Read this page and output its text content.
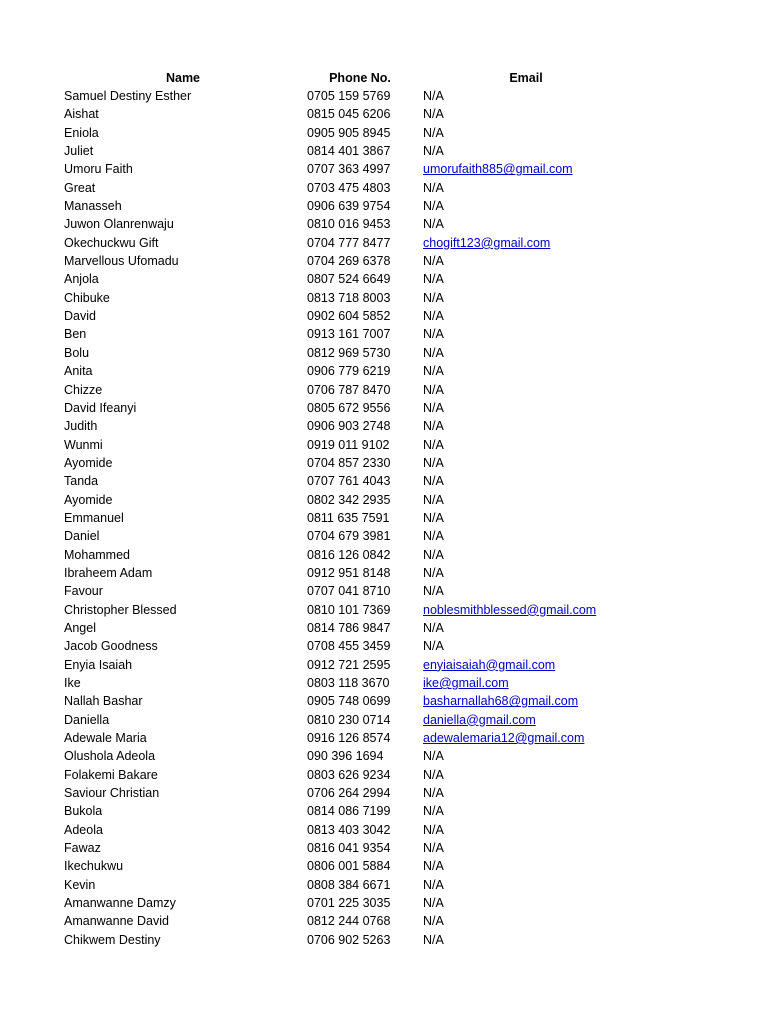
Name	Phone No.	Email
Samuel Destiny Esther	0705 159 5769	N/A
Aishat	0815 045 6206	N/A
Eniola	0905 905 8945	N/A
Juliet	0814 401 3867	N/A
Umoru Faith	0707 363 4997	umorufaith885@gmail.com
Great	0703 475 4803	N/A
Manasseh	0906 639 9754	N/A
Juwon Olanrenwaju	0810 016 9453	N/A
Okechuckwu Gift	0704 777 8477	chogift123@gmail.com
Marvellous Ufomadu	0704 269 6378	N/A
Anjola	0807 524 6649	N/A
Chibuke	0813 718 8003	N/A
David	0902 604 5852	N/A
Ben	0913 161 7007	N/A
Bolu	0812 969 5730	N/A
Anita	0906 779 6219	N/A
Chizze	0706 787 8470	N/A
David Ifeanyi	0805 672 9556	N/A
Judith	0906 903 2748	N/A
Wunmi	0919 011 9102	N/A
Ayomide	0704 857 2330	N/A
Tanda	0707 761 4043	N/A
Ayomide	0802 342 2935	N/A
Emmanuel	0811 635 7591	N/A
Daniel	0704 679 3981	N/A
Mohammed	0816 126 0842	N/A
Ibraheem Adam	0912 951 8148	N/A
Favour	0707 041 8710	N/A
Christopher Blessed	0810 101 7369	noblesmithblessed@gmail.com
Angel	0814 786 9847	N/A
Jacob Goodness	0708 455 3459	N/A
Enyia Isaiah	0912 721 2595	enyiaisaiah@gmail.com
Ike	0803 118 3670	ike@gmail.com
Nallah Bashar	0905 748 0699	basharnallah68@gmail.com
Daniella	0810 230 0714	daniella@gmail.com
Adewale Maria	0916 126 8574	adewalemaria12@gmail.com
Olushola Adeola	090 396 1694	N/A
Folakemi Bakare	0803 626 9234	N/A
Saviour Christian	0706 264 2994	N/A
Bukola	0814 086 7199	N/A
Adeola	0813 403 3042	N/A
Fawaz	0816 041 9354	N/A
Ikechukwu	0806 001 5884	N/A
Kevin	0808 384 6671	N/A
Amanwanne Damzy	0701 225 3035	N/A
Amanwanne David	0812 244 0768	N/A
Chikwem Destiny	0706 902 5263	N/A
